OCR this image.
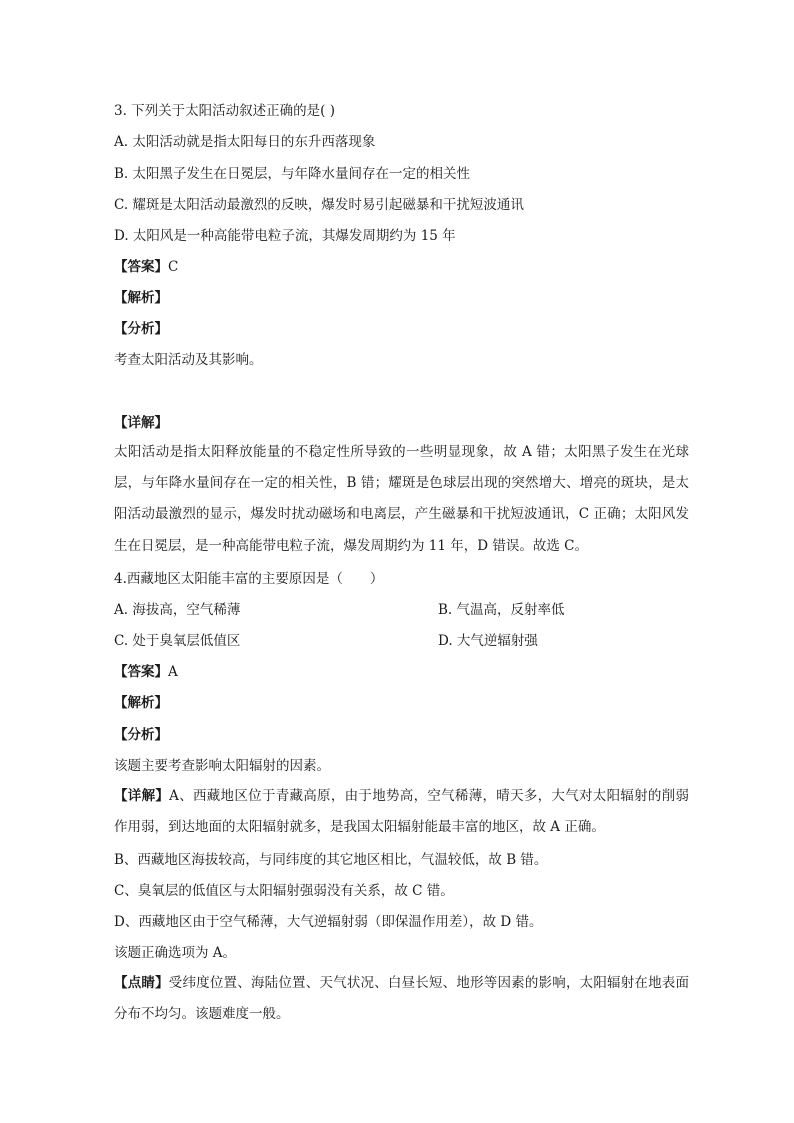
3. 下列关于太阳活动叙述正确的是( )
A. 太阳活动就是指太阳每日的东升西落现象
B. 太阳黑子发生在日冕层，与年降水量间存在一定的相关性
C. 耀斑是太阳活动最激烈的反映，爆发时易引起磁暴和干扰短波通讯
D. 太阳风是一种高能带电粒子流，其爆发周期约为 15 年
【答案】C
【解析】
【分析】
考查太阳活动及其影响。
【详解】
太阳活动是指太阳释放能量的不稳定性所导致的一些明显现象，故 A 错；太阳黑子发生在光球层，与年降水量间存在一定的相关性，B 错；耀斑是色球层出现的突然增大、增亮的斑块，是太阳活动最激烈的显示，爆发时扰动磁场和电离层，产生磁暴和干扰短波通讯，C 正确；太阳风发生在日冕层，是一种高能带电粒子流，爆发周期约为 11 年，D 错误。故选 C。
4.西藏地区太阳能丰富的主要原因是（　　）
A. 海拔高，空气稀薄	B. 气温高，反射率低
C. 处于臭氧层低值区	D. 大气逆辐射强
【答案】A
【解析】
【分析】
该题主要考查影响太阳辐射的因素。
【详解】A、西藏地区位于青藏高原，由于地势高，空气稀薄，晴天多，大气对太阳辐射的削弱作用弱，到达地面的太阳辐射就多，是我国太阳辐射能最丰富的地区，故 A 正确。
B、西藏地区海拔较高，与同纬度的其它地区相比，气温较低，故 B 错。
C、臭氧层的低值区与太阳辐射强弱没有关系，故 C 错。
D、西藏地区由于空气稀薄，大气逆辐射弱（即保温作用差），故 D 错。
该题正确选项为 A。
【点睛】受纬度位置、海陆位置、天气状况、白昼长短、地形等因素的影响，太阳辐射在地表面分布不均匀。该题难度一般。
